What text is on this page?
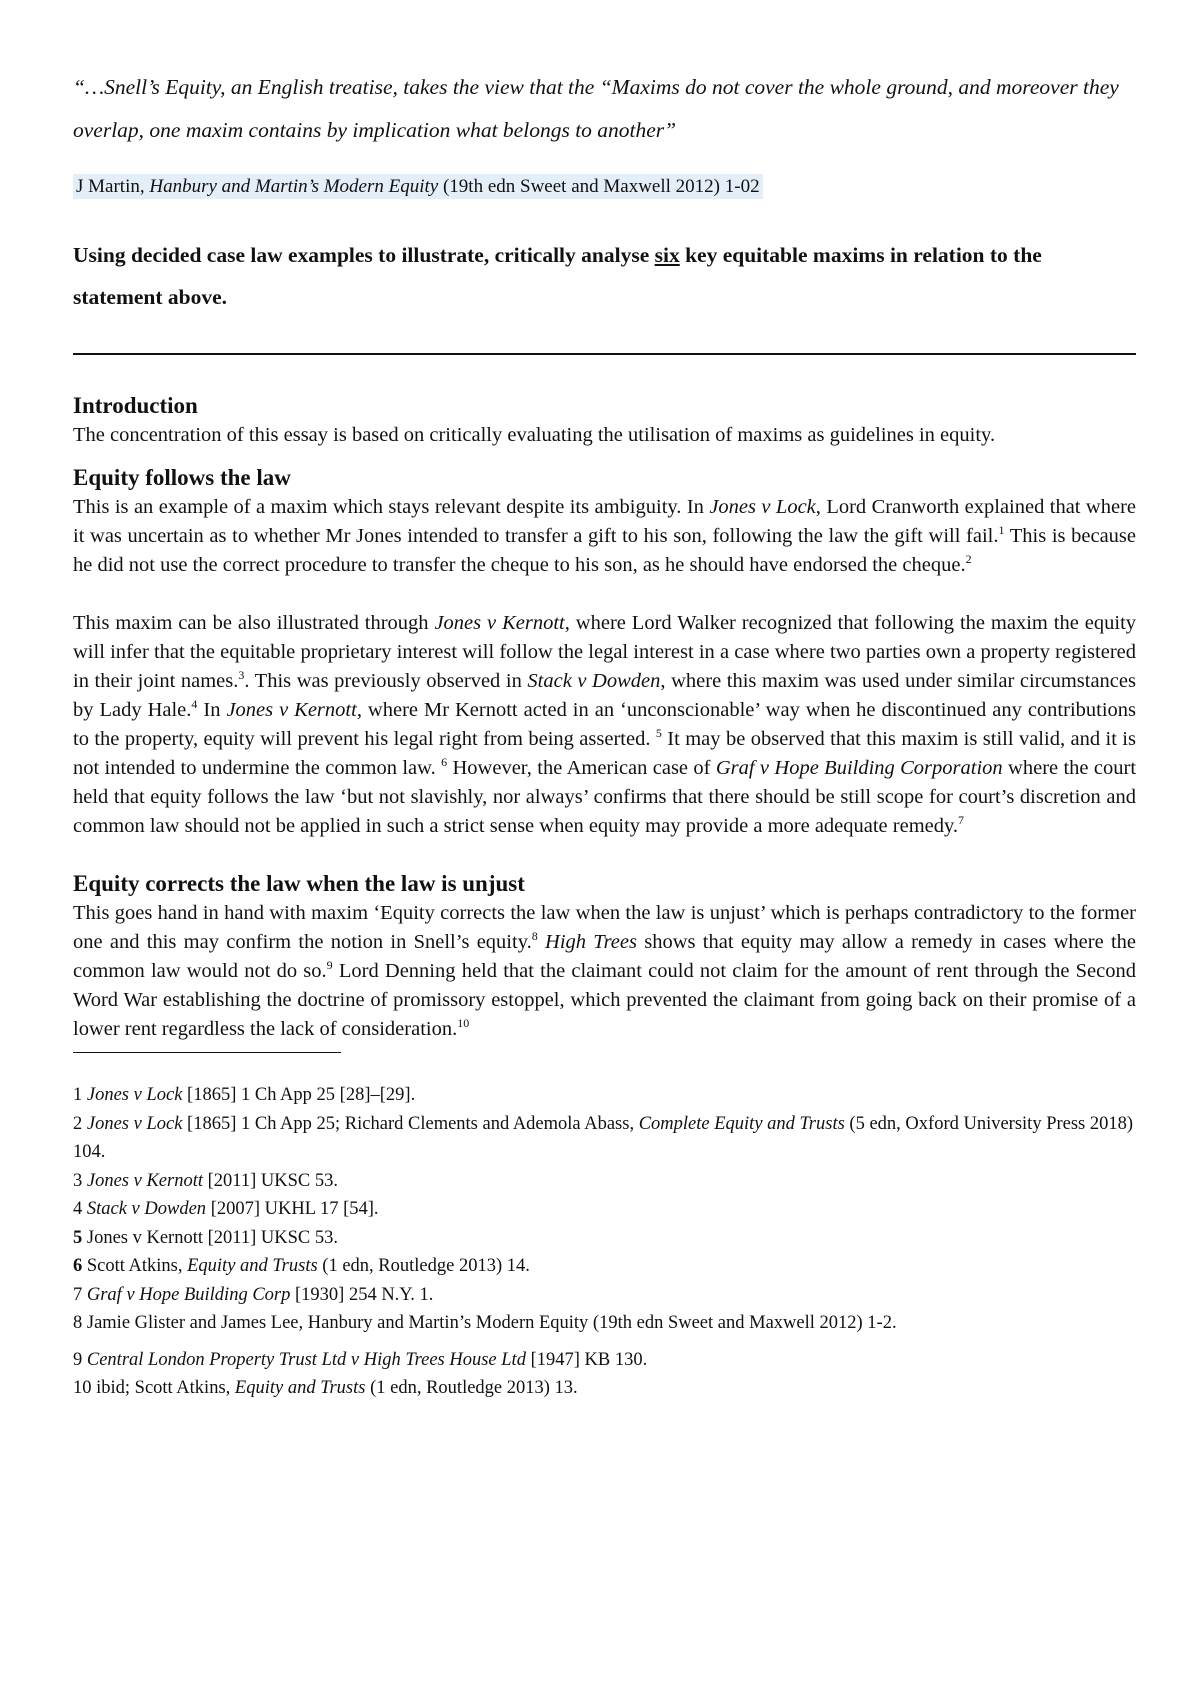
“…Snell’s Equity, an English treatise, takes the view that the “Maxims do not cover the whole ground, and moreover they overlap, one maxim contains by implication what belongs to another”

J Martin, Hanbury and Martin’s Modern Equity (19th edn Sweet and Maxwell 2012) 1-02

Using decided case law examples to illustrate, critically analyse six key equitable maxims in relation to the statement above.

Introduction

The concentration of this essay is based on critically evaluating the utilisation of maxims as guidelines in equity.

Equity follows the law

This is an example of a maxim which stays relevant despite its ambiguity. In Jones v Lock, Lord Cranworth explained that where it was uncertain as to whether Mr Jones intended to transfer a gift to his son, following the law the gift will fail.$^1$ This is because he did not use the correct procedure to transfer the cheque to his son, as he should have endorsed the cheque.$^2$

This maxim can be also illustrated through Jones v Kernott, where Lord Walker recognized that following the maxim the equity will infer that the equitable proprietary interest will follow the legal interest in a case where two parties own a property registered in their joint names.$^3$. This was previously observed in Stack v Dowden, where this maxim was used under similar circumstances by Lady Hale.$^4$ In Jones v Kernott, where Mr Kernott acted in an ‘unconscionable’ way when he discontinued any contributions to the property, equity will prevent his legal right from being asserted. $^5$ It may be observed that this maxim is still valid, and it is not intended to undermine the common law. $^6$ However, the American case of Graf v Hope Building Corporation where the court held that equity follows the law ‘but not slavishly, nor always’ confirms that there should be still scope for court’s discretion and common law should not be applied in such a strict sense when equity may provide a more adequate remedy.$^7$

Equity corrects the law when the law is unjust

This goes hand in hand with maxim ‘Equity corrects the law when the law is unjust’ which is perhaps contradictory to the former one and this may confirm the notion in Snell’s equity.$^8$ High Trees shows that equity may allow a remedy in cases where the common law would not do so.$^9$ Lord Denning held that the claimant could not claim for the amount of rent through the Second Word War establishing the doctrine of promissory estoppel, which prevented the claimant from going back on their promise of a lower rent regardless the lack of consideration.$^{10}$

1 Jones v Lock [1865] 1 Ch App 25 [28]–[29].

2 Jones v Lock [1865] 1 Ch App 25; Richard Clements and Ademola Abass, Complete Equity and Trusts (5 edn, Oxford University Press 2018) 104.

3 Jones v Kernott [2011] UKSC 53.

4 Stack v Dowden [2007] UKHL 17 [54].

5 Jones v Kernott [2011] UKSC 53.

6 Scott Atkins, Equity and Trusts (1 edn, Routledge 2013) 14.

7 Graf v Hope Building Corp [1930] 254 N.Y. 1.

8 Jamie Glister and James Lee, Hanbury and Martin’s Modern Equity (19th edn Sweet and Maxwell 2012) 1-2.

9 Central London Property Trust Ltd v High Trees House Ltd [1947] KB 130.

10 ibid; Scott Atkins, Equity and Trusts (1 edn, Routledge 2013) 13.
